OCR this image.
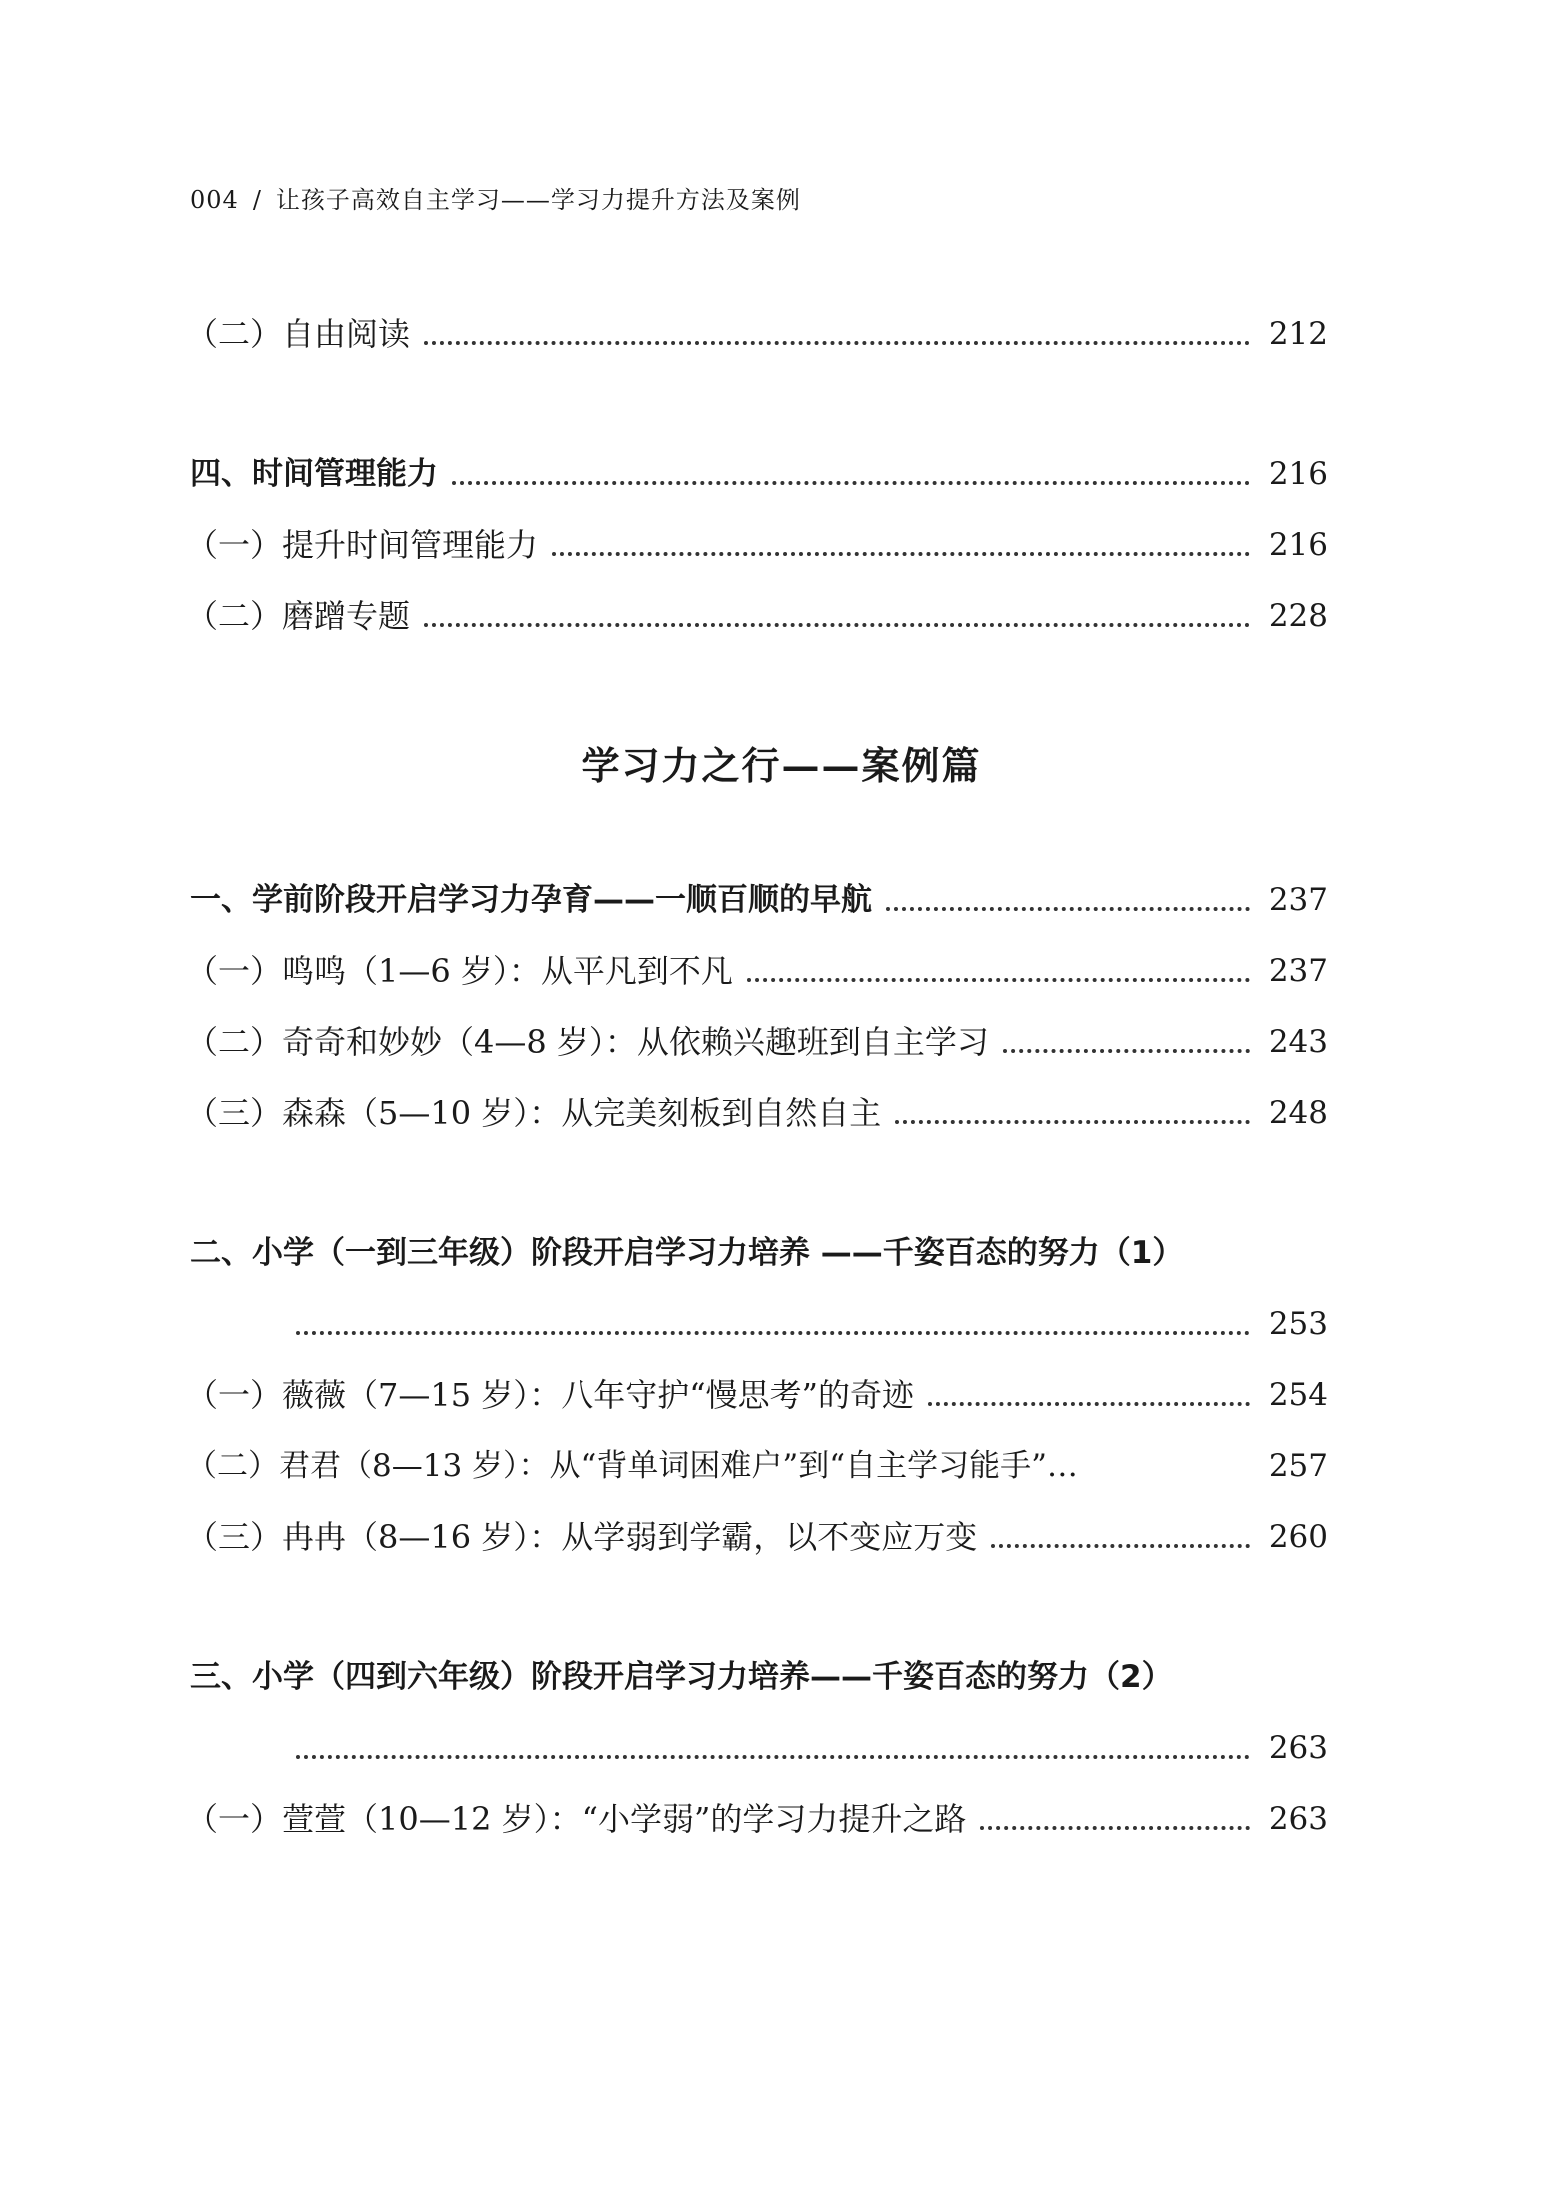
004 / 让孩子高效自主学习——学习力提升方法及案例
（二）自由阅读	212
四、时间管理能力	216
（一）提升时间管理能力	216
（二）磨蹭专题	228
学习力之行——案例篇
一、学前阶段开启学习力孕育——一顺百顺的早航	237
（一）鸣鸣（1—6 岁）：从平凡到不凡	237
（二）奇奇和妙妙（4—8 岁）：从依赖兴趣班到自主学习	243
（三）森森（5—10 岁）：从完美刻板到自然自主	248
二、小学（一到三年级）阶段开启学习力培养 ——千姿百态的努力（1）
253
（一）薇薇（7—15 岁）：八年守护“慢思考”的奇迹	254
（二）君君（8—13 岁）：从“背单词困难户”到“自主学习能手”…	257
（三）冉冉（8—16 岁）：从学弱到学霸，以不变应万变	260
三、小学（四到六年级）阶段开启学习力培养——千姿百态的努力（2）
263
（一）萱萱（10—12 岁）：“小学弱”的学习力提升之路	263
